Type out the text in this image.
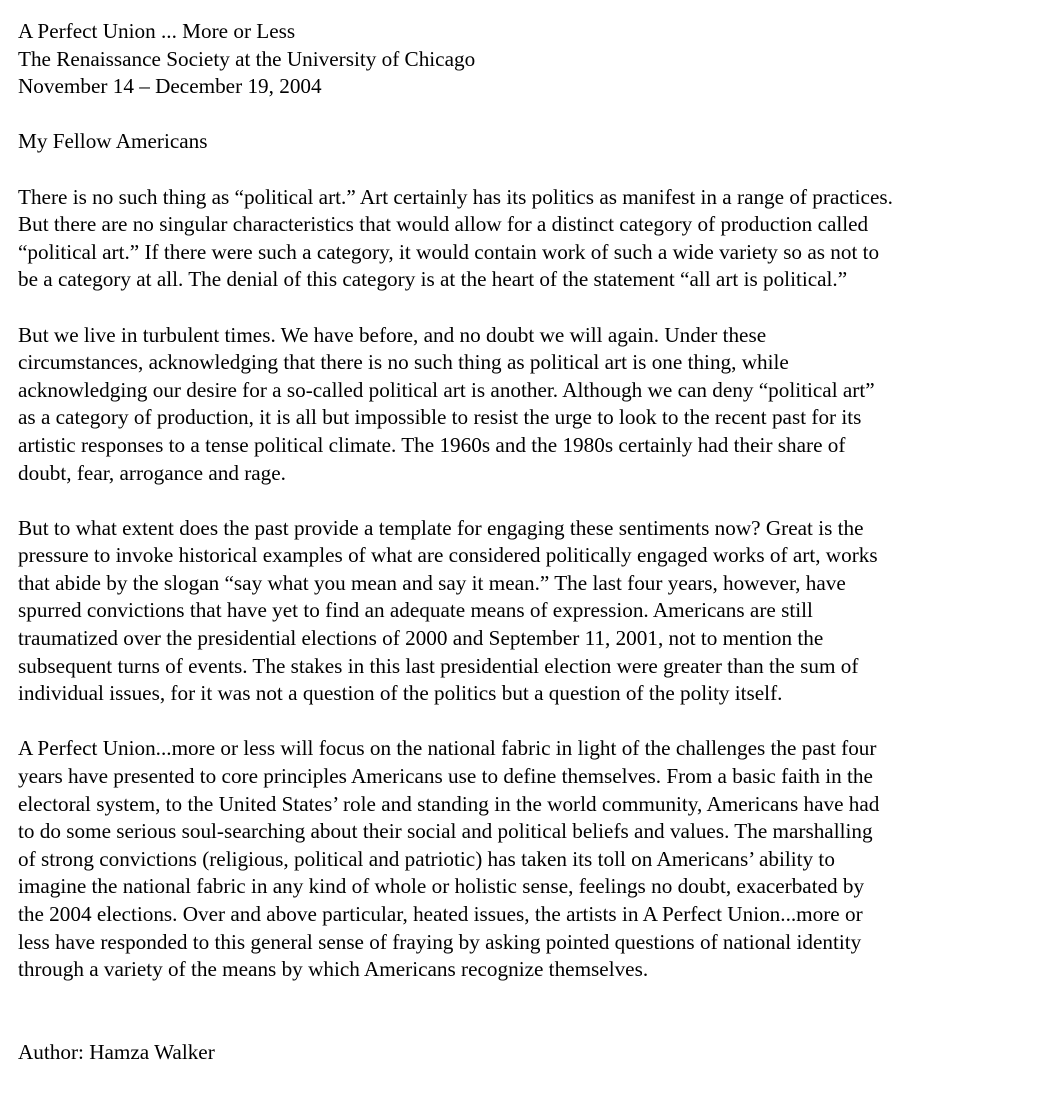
A Perfect Union ... More or Less
The Renaissance Society at the University of Chicago
November 14 – December 19, 2004
My Fellow Americans
There is no such thing as “political art.” Art certainly has its politics as manifest in a range of practices.
But there are no singular characteristics that would allow for a distinct category of production called
“political art.” If there were such a category, it would contain work of such a wide variety so as not to
be a category at all. The denial of this category is at the heart of the statement “all art is political.”
But we live in turbulent times. We have before, and no doubt we will again. Under these
circumstances, acknowledging that there is no such thing as political art is one thing, while
acknowledging our desire for a so-called political art is another. Although we can deny “political art”
as a category of production, it is all but impossible to resist the urge to look to the recent past for its
artistic responses to a tense political climate. The 1960s and the 1980s certainly had their share of
doubt, fear, arrogance and rage.
But to what extent does the past provide a template for engaging these sentiments now? Great is the
pressure to invoke historical examples of what are considered politically engaged works of art, works
that abide by the slogan “say what you mean and say it mean.” The last four years, however, have
spurred convictions that have yet to find an adequate means of expression. Americans are still
traumatized over the presidential elections of 2000 and September 11, 2001, not to mention the
subsequent turns of events. The stakes in this last presidential election were greater than the sum of
individual issues, for it was not a question of the politics but a question of the polity itself.
A Perfect Union...more or less will focus on the national fabric in light of the challenges the past four
years have presented to core principles Americans use to define themselves. From a basic faith in the
electoral system, to the United States’ role and standing in the world community, Americans have had
to do some serious soul-searching about their social and political beliefs and values. The marshalling
of strong convictions (religious, political and patriotic) has taken its toll on Americans’ ability to
imagine the national fabric in any kind of whole or holistic sense, feelings no doubt, exacerbated by
the 2004 elections. Over and above particular, heated issues, the artists in A Perfect Union...more or
less have responded to this general sense of fraying by asking pointed questions of national identity
through a variety of the means by which Americans recognize themselves.
Author: Hamza Walker
